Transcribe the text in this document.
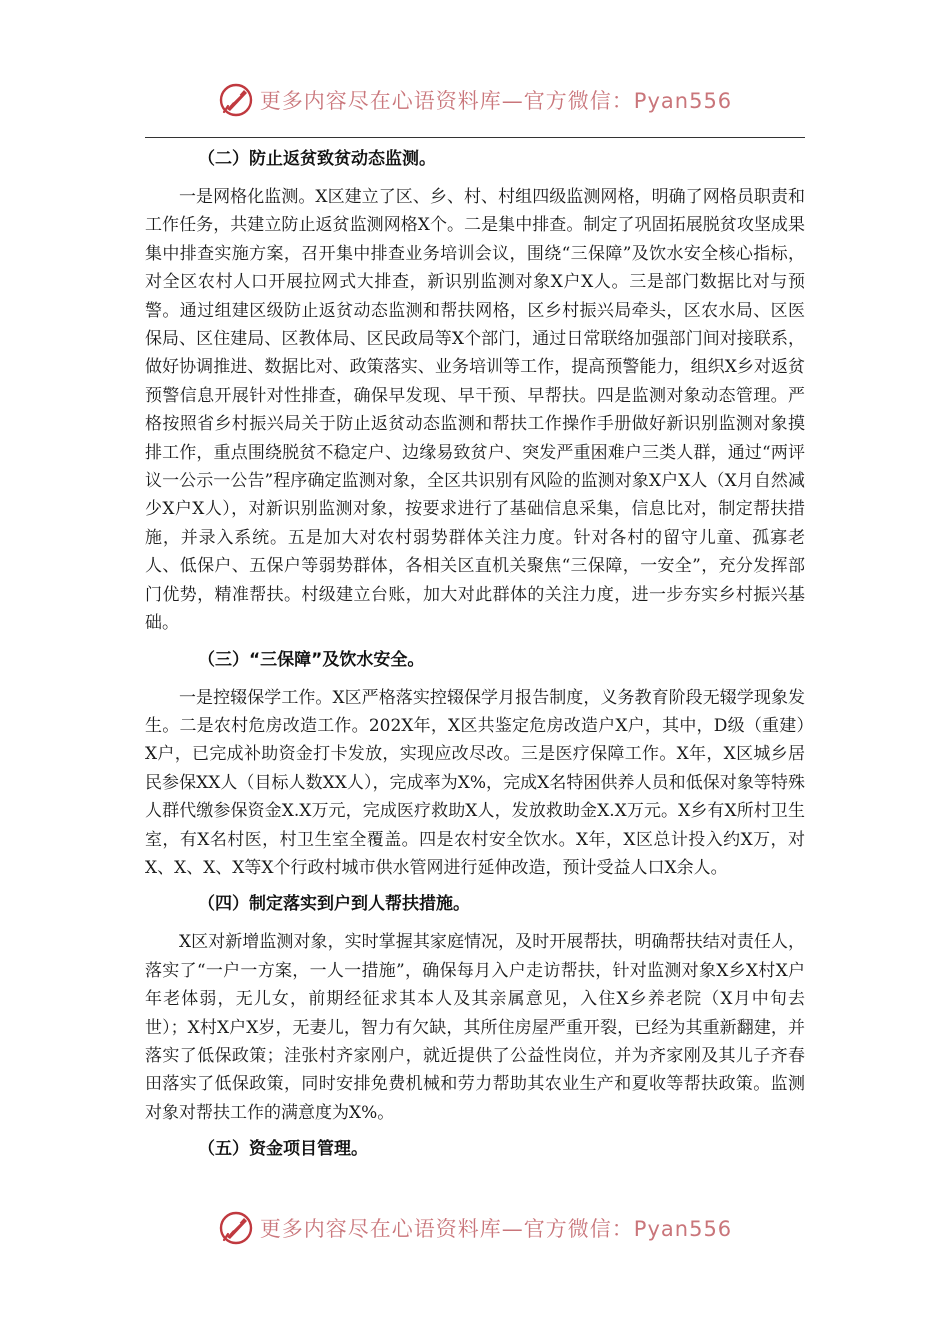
更多内容尽在心语资料库—官方微信：Pyan556
（二）防止返贫致贫动态监测。

一是网格化监测。X区建立了区、乡、村、村组四级监测网格，明确了网格员职责和工作任务，共建立防止返贫监测网格X个。二是集中排查。制定了巩固拓展脱贫攻坚成果集中排查实施方案，召开集中排查业务培训会议，围绕“三保障”及饮水安全核心指标，对全区农村人口开展拉网式大排查，新识别监测对象X户X人。三是部门数据比对与预警。通过组建区级防止返贫动态监测和帮扶网格，区乡村振兴局牵头，区农水局、区医保局、区住建局、区教体局、区民政局等X个部门，通过日常联络加强部门间对接联系，做好协调推进、数据比对、政策落实、业务培训等工作，提高预警能力，组织X乡对返贫预警信息开展针对性排查，确保早发现、早干预、早帮扶。四是监测对象动态管理。严格按照省乡村振兴局关于防止返贫动态监测和帮扶工作操作手册做好新识别监测对象摸排工作，重点围绕脱贫不稳定户、边缘易致贫户、突发严重困难户三类人群，通过“两评议一公示一公告”程序确定监测对象，全区共识别有风险的监测对象X户X人（X月自然减少X户X人），对新识别监测对象，按要求进行了基础信息采集，信息比对，制定帮扶措施，并录入系统。五是加大对农村弱势群体关注力度。针对各村的留守儿童、孤寡老人、低保户、五保户等弱势群体，各相关区直机关聚焦“三保障，一安全”，充分发挥部门优势，精准帮扶。村级建立台账，加大对此群体的关注力度，进一步夯实乡村振兴基础。

（三）“三保障”及饮水安全。

一是控辍保学工作。X区严格落实控辍保学月报告制度，义务教育阶段无辍学现象发生。二是农村危房改造工作。202X年，X区共鉴定危房改造户X户，其中，D级（重建）X户，已完成补助资金打卡发放，实现应改尽改。三是医疗保障工作。X年，X区城乡居民参保XX人（目标人数XX人），完成率为X%，完成X名特困供养人员和低保对象等特殊人群代缴参保资金X.X万元，完成医疗救助X人，发放救助金X.X万元。X乡有X所村卫生室，有X名村医，村卫生室全覆盖。四是农村安全饮水。X年，X区总计投入约X万，对X、X、X、X等X个行政村城市供水管网进行延伸改造，预计受益人口X余人。

（四）制定落实到户到人帮扶措施。

X区对新增监测对象，实时掌握其家庭情况，及时开展帮扶，明确帮扶结对责任人，落实了“一户一方案，一人一措施”，确保每月入户走访帮扶，针对监测对象X乡X村X户年老体弱，无儿女，前期经征求其本人及其亲属意见，入住X乡养老院（X月中旬去世）；X村X户X岁，无妻儿，智力有欠缺，其所住房屋严重开裂，已经为其重新翻建，并落实了低保政策；洼张村齐家刚户，就近提供了公益性岗位，并为齐家刚及其儿子齐春田落实了低保政策，同时安排免费机械和劳力帮助其农业生产和夏收等帮扶政策。监测对象对帮扶工作的满意度为X%。

（五）资金项目管理。
更多内容尽在心语资料库—官方微信：Pyan556
